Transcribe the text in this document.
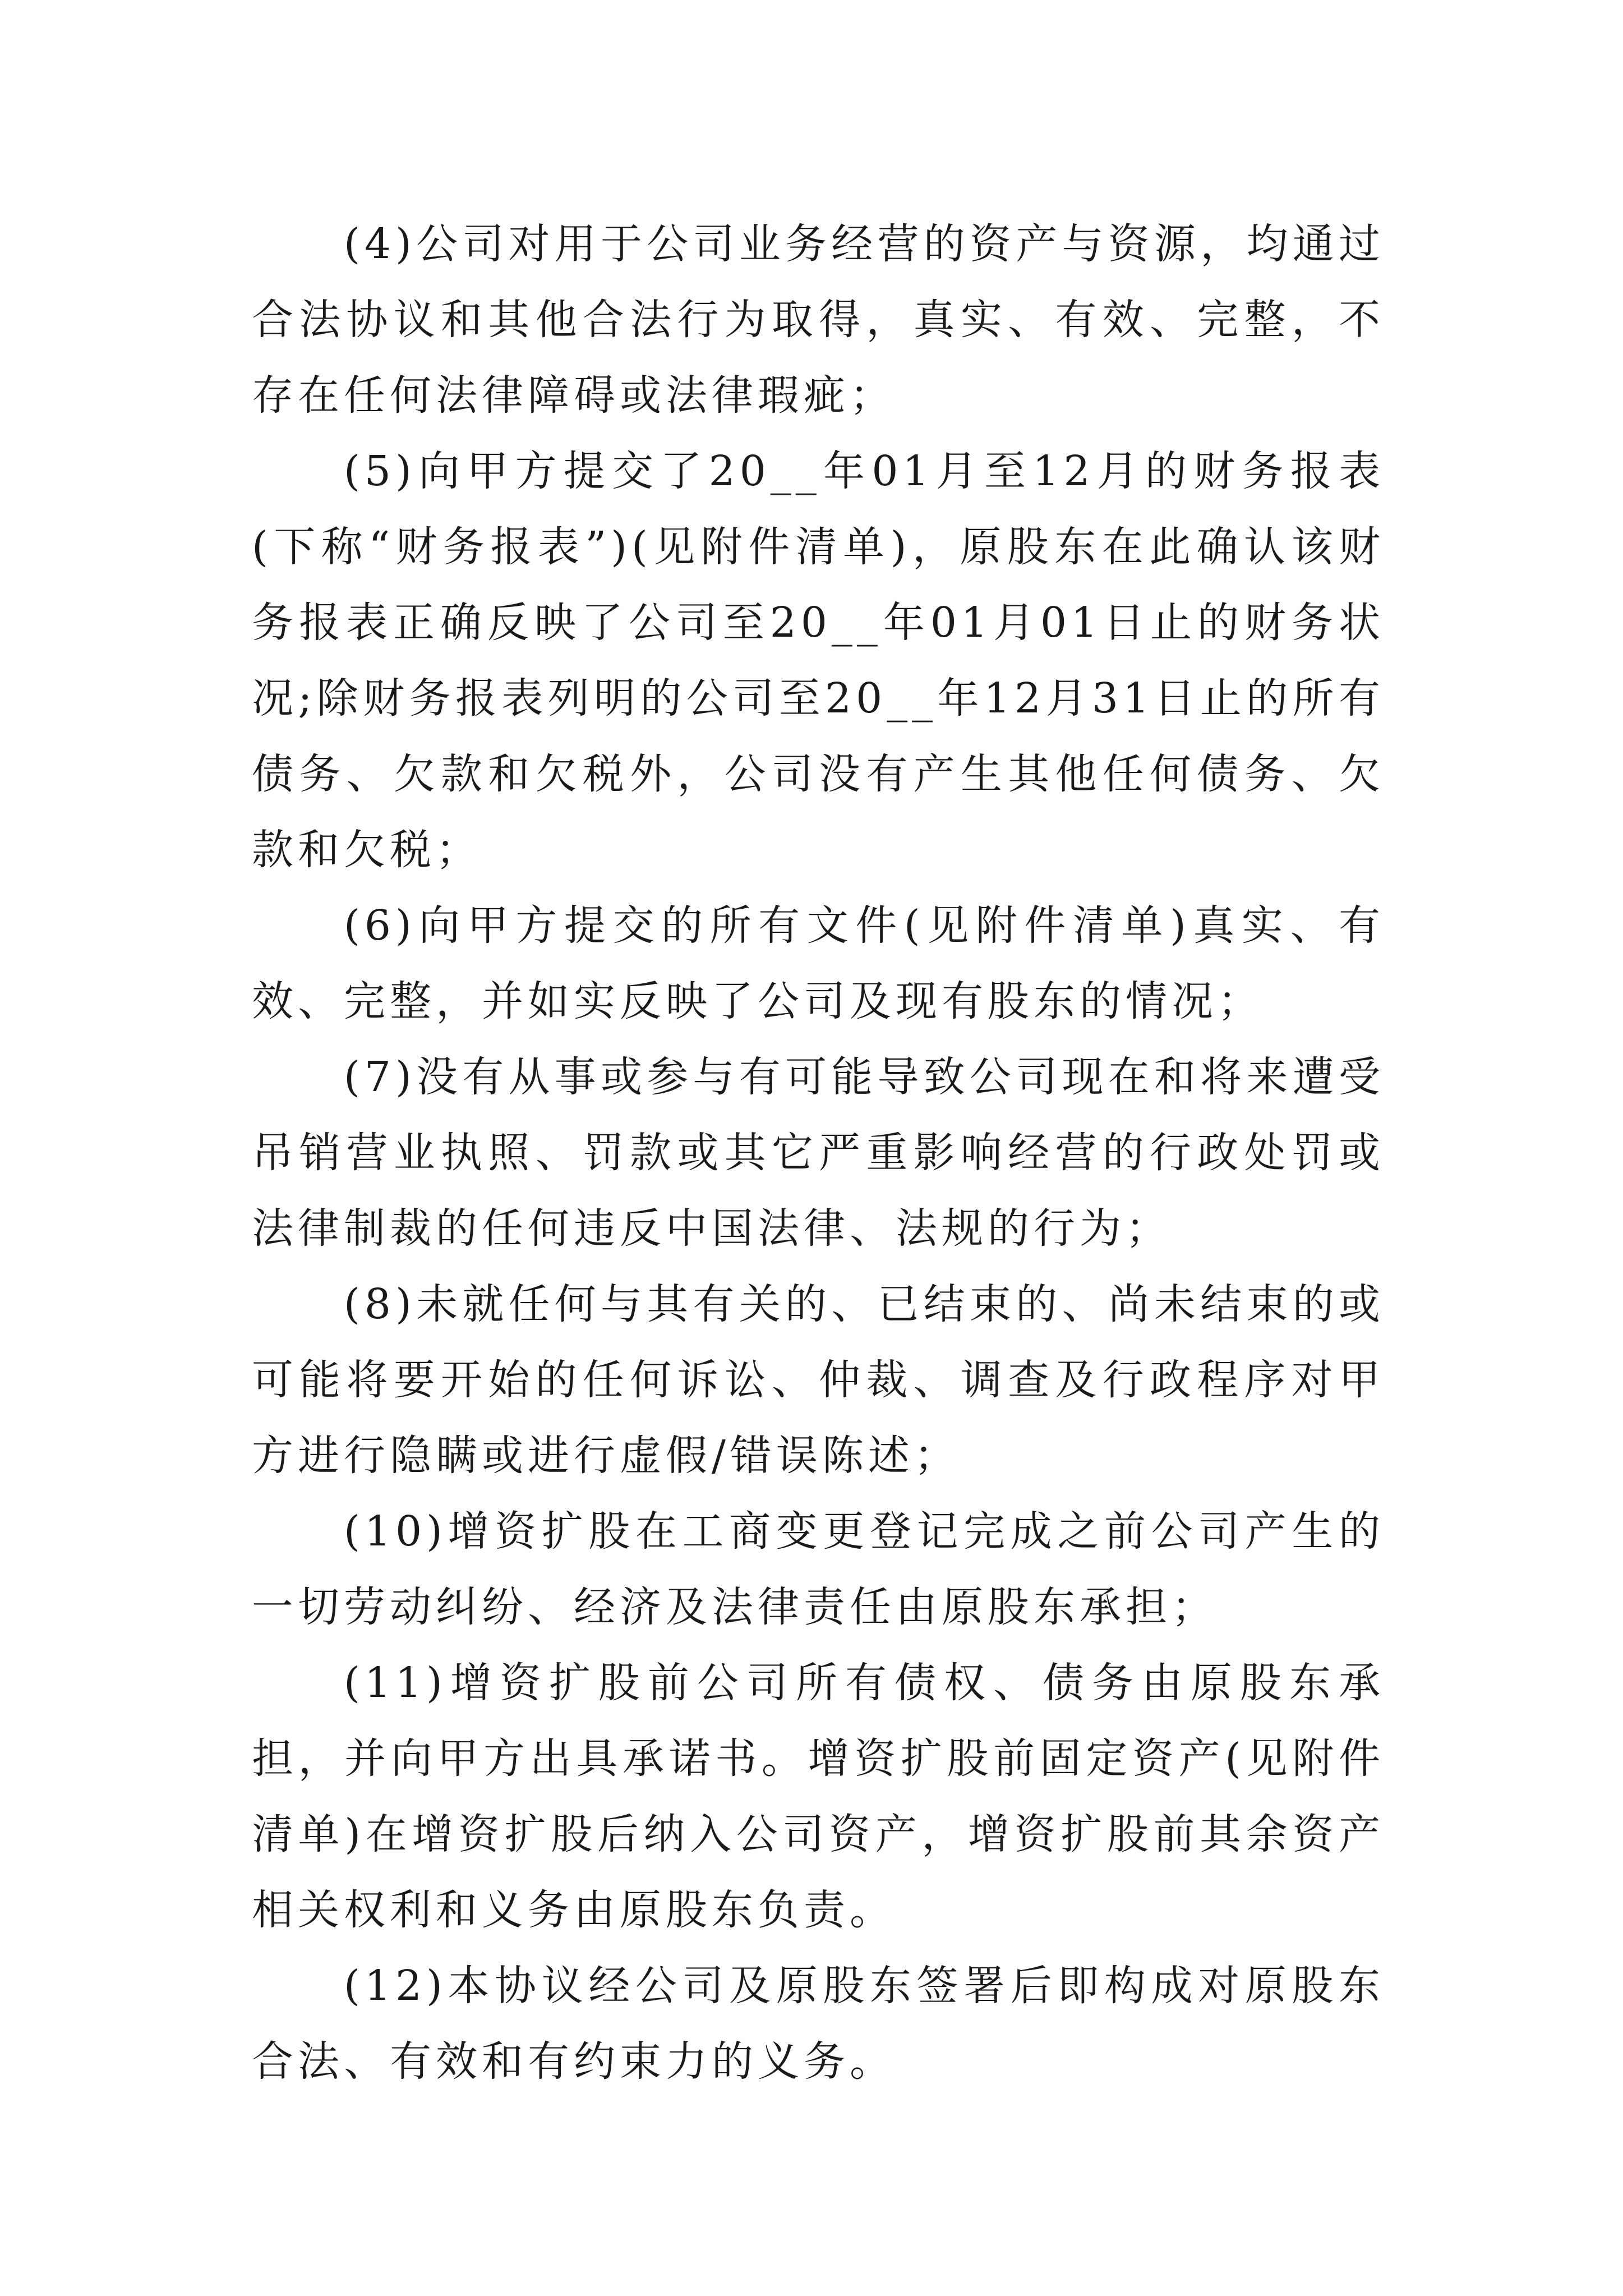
(4)公司对用于公司业务经营的资产与资源，均通过合法协议和其他合法行为取得，真实、有效、完整，不存在任何法律障碍或法律瑕疵；

(5)向甲方提交了20__年01月至12月的财务报表(下称“财务报表”)(见附件清单)，原股东在此确认该财务报表正确反映了公司至20__年01月01日止的财务状况;除财务报表列明的公司至20__年12月31日止的所有债务、欠款和欠税外，公司没有产生其他任何债务、欠款和欠税；

(6)向甲方提交的所有文件(见附件清单)真实、有效、完整，并如实反映了公司及现有股东的情况；

(7)没有从事或参与有可能导致公司现在和将来遭受吊销营业执照、罚款或其它严重影响经营的行政处罚或法律制裁的任何违反中国法律、法规的行为；

(8)未就任何与其有关的、已结束的、尚未结束的或可能将要开始的任何诉讼、仲裁、调查及行政程序对甲方进行隐瞒或进行虚假/错误陈述；

(10)增资扩股在工商变更登记完成之前公司产生的一切劳动纠纷、经济及法律责任由原股东承担；

(11)增资扩股前公司所有债权、债务由原股东承担，并向甲方出具承诺书。增资扩股前固定资产(见附件清单)在增资扩股后纳入公司资产，增资扩股前其余资产相关权利和义务由原股东负责。

(12)本协议经公司及原股东签署后即构成对原股东合法、有效和有约束力的义务。
